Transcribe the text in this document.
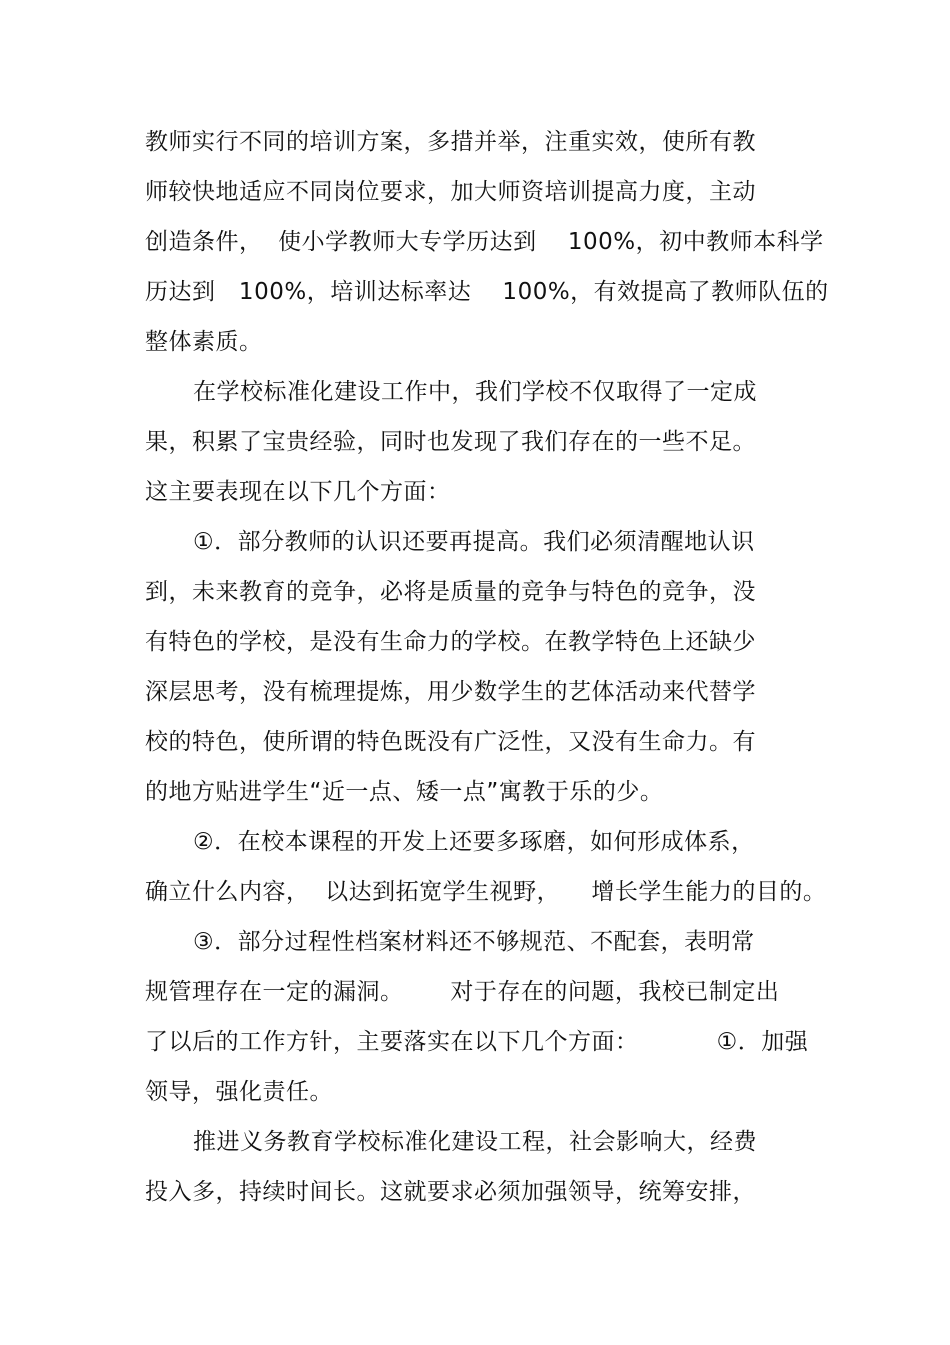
教师实行不同的培训方案，多措并举，注重实效，使所有教
师较快地适应不同岗位要求，加大师资培训提高力度，主动
创造条件，  使小学教师大专学历达到    100%，初中教师本科学
历达到   100%，培训达标率达    100%，有效提高了教师队伍的
整体素质。
在学校标准化建设工作中，我们学校不仅取得了一定成
果，积累了宝贵经验，同时也发现了我们存在的一些不足。
这主要表现在以下几个方面：
①．部分教师的认识还要再提高。我们必须清醒地认识
到，未来教育的竞争，必将是质量的竞争与特色的竞争，没
有特色的学校，是没有生命力的学校。在教学特色上还缺少
深层思考，没有梳理提炼，用少数学生的艺体活动来代替学
校的特色，使所谓的特色既没有广泛性，又没有生命力。有
的地方贴进学生“近一点、矮一点”寓教于乐的少。
②．在校本课程的开发上还要多琢磨，如何形成体系，
确立什么内容，  以达到拓宽学生视野，    增长学生能力的目的。
③．部分过程性档案材料还不够规范、不配套，表明常
规管理存在一定的漏洞。      对于存在的问题，我校已制定出
了以后的工作方针，主要落实在以下几个方面：          ①．加强
领导，强化责任。
推进义务教育学校标准化建设工程，社会影响大，经费
投入多，持续时间长。这就要求必须加强领导，统筹安排，
